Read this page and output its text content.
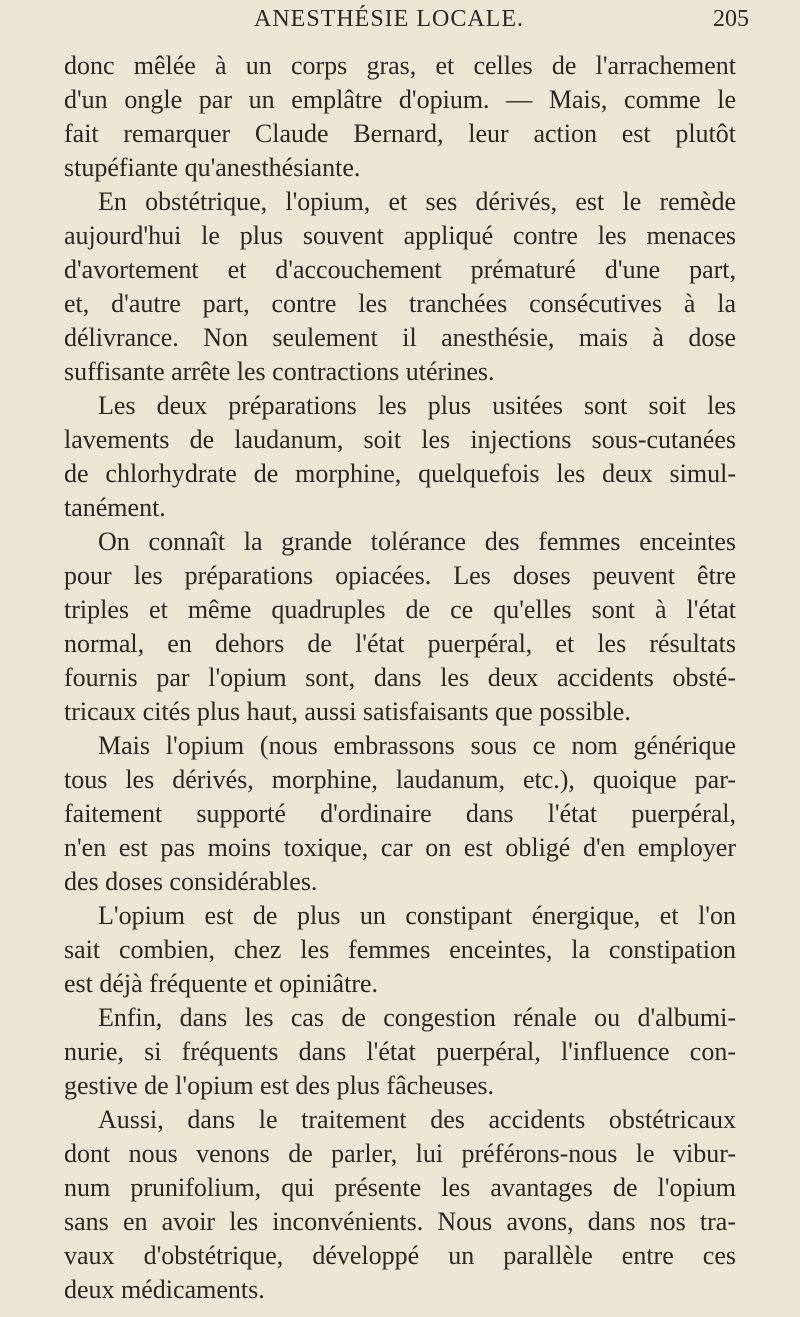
ANESTHÉSIE LOCALE.	205
donc mêlée à un corps gras, et celles de l'arrachement
d'un ongle par un emplâtre d'opium. — Mais, comme le
fait remarquer Claude Bernard, leur action est plutôt
stupéfiante qu'anesthésiante.
En obstétrique, l'opium, et ses dérivés, est le remède
aujourd'hui le plus souvent appliqué contre les menaces
d'avortement et d'accouchement prématuré d'une part,
et, d'autre part, contre les tranchées consécutives à la
délivrance. Non seulement il anesthésie, mais à dose
suffisante arrête les contractions utérines.
Les deux préparations les plus usitées sont soit les
lavements de laudanum, soit les injections sous-cutanées
de chlorhydrate de morphine, quelquefois les deux simul-
tanément.
On connaît la grande tolérance des femmes enceintes
pour les préparations opiacées. Les doses peuvent être
triples et même quadruples de ce qu'elles sont à l'état
normal, en dehors de l'état puerpéral, et les résultats
fournis par l'opium sont, dans les deux accidents obsté-
tricaux cités plus haut, aussi satisfaisants que possible.
Mais l'opium (nous embrassons sous ce nom générique
tous les dérivés, morphine, laudanum, etc.), quoique par-
faitement supporté d'ordinaire dans l'état puerpéral,
n'en est pas moins toxique, car on est obligé d'en employer
des doses considérables.
L'opium est de plus un constipant énergique, et l'on
sait combien, chez les femmes enceintes, la constipation
est déjà fréquente et opiniâtre.
Enfin, dans les cas de congestion rénale ou d'albumi-
nurie, si fréquents dans l'état puerpéral, l'influence con-
gestive de l'opium est des plus fâcheuses.
Aussi, dans le traitement des accidents obstétricaux
dont nous venons de parler, lui préférons-nous le vibur-
num prunifolium, qui présente les avantages de l'opium
sans en avoir les inconvénients. Nous avons, dans nos tra-
vaux d'obstétrique, développé un parallèle entre ces
deux médicaments.
